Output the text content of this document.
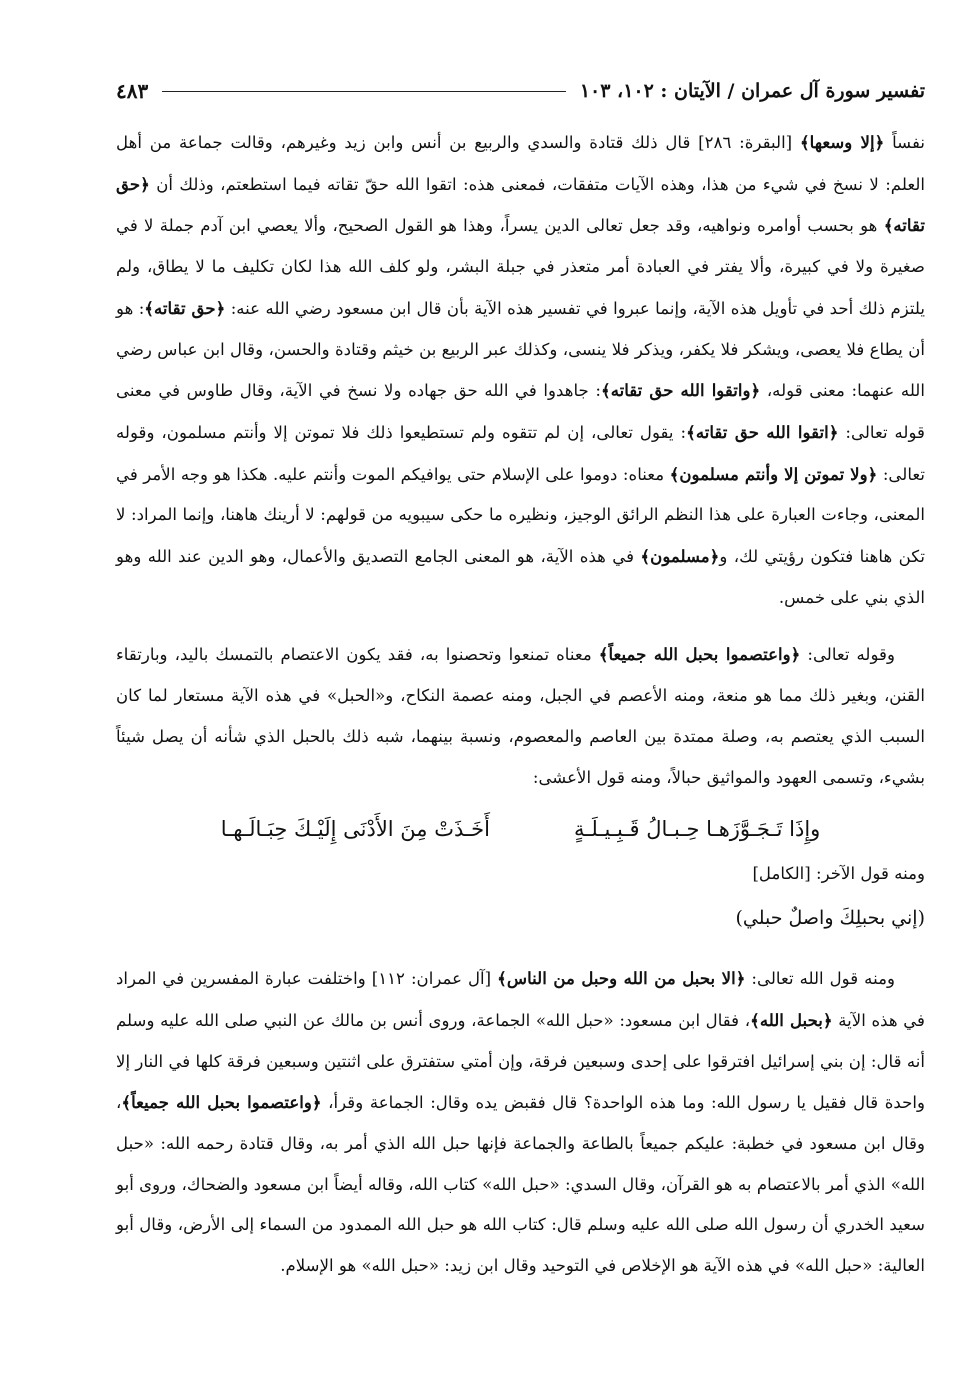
تفسير سورة آل عمران / الآيتان : ١٠٢، ١٠٣
٤٨٣

نفساً ﴿إلا وسعها﴾ [البقرة: ٢٨٦] قال ذلك قتادة والسدي والربيع بن أنس وابن زيد وغيرهم، وقالت جماعة من أهل العلم: لا نسخ في شيء من هذا، وهذه الآيات متفقات، فمعنى هذه: اتقوا الله حقّ تقاته فيما استطعتم، وذلك أن ﴿حق تقاته﴾ هو بحسب أوامره ونواهيه، وقد جعل تعالى الدين يسراً، وهذا هو القول الصحيح، وألا يعصي ابن آدم جملة لا في صغيرة ولا في كبيرة، وألا يفتر في العبادة أمر متعذر في جبلة البشر، ولو كلف الله هذا لكان تكليف ما لا يطاق، ولم يلتزم ذلك أحد في تأويل هذه الآية، وإنما عبروا في تفسير هذه الآية بأن قال ابن مسعود رضي الله عنه: ﴿حق تقاته﴾: هو أن يطاع فلا يعصى، ويشكر فلا يكفر، ويذكر فلا ينسى، وكذلك عبر الربيع بن خيثم وقتادة والحسن، وقال ابن عباس رضي الله عنهما: معنى قوله، ﴿واتقوا الله حق تقاته﴾: جاهدوا في الله حق جهاده ولا نسخ في الآية، وقال طاوس في معنى قوله تعالى: ﴿اتقوا الله حق تقاته﴾: يقول تعالى، إن لم تتقوه ولم تستطيعوا ذلك فلا تموتن إلا وأنتم مسلمون، وقوله تعالى: ﴿ولا تموتن إلا وأنتم مسلمون﴾ معناه: دوموا على الإسلام حتى يوافيكم الموت وأنتم عليه. هكذا هو وجه الأمر في المعنى، وجاءت العبارة على هذا النظم الرائق الوجيز، ونظيره ما حكى سيبويه من قولهم: لا أرينك هاهنا، وإنما المراد: لا تكن هاهنا فتكون رؤيتي لك، و﴿مسلمون﴾ في هذه الآية، هو المعنى الجامع التصديق والأعمال، وهو الدين عند الله وهو الذي بني على خمس.

وقوله تعالى: ﴿واعتصموا بحبل الله جميعاً﴾ معناه تمنعوا وتحصنوا به، فقد يكون الاعتصام بالتمسك باليد، وبارتقاء القنن، وبغير ذلك مما هو منعة، ومنه الأعصم في الجبل، ومنه عصمة النكاح، و«الحبل» في هذه الآية مستعار لما كان السبب الذي يعتصم به، وصلة ممتدة بين العاصم والمعصوم، ونسبة بينهما، شبه ذلك بالحبل الذي شأنه أن يصل شيئاً بشيء، وتسمى العهود والمواثيق حبالاً، ومنه قول الأعشى:

وإِذَا تَـجَـوَّزَهـا حِـبـالُ قَـبِـيـلَـةٍ
أَخَـذَتْ مِنَ الأَدْنَى إِلَيْـكَ حِبَـالَـهـا

ومنه قول الآخر: [الكامل]

(إني بحبلِكَ واصلٌ حبلي)

ومنه قول الله تعالى: ﴿الا بحبل من الله وحبل من الناس﴾ [آل عمران: ١١٢] واختلفت عبارة المفسرين في المراد في هذه الآية ﴿بحبل الله﴾، فقال ابن مسعود: «حبل الله» الجماعة، وروى أنس بن مالك عن النبي صلى الله عليه وسلم أنه قال: إن بني إسرائيل افترقوا على إحدى وسبعين فرقة، وإن أمتي ستفترق على اثنتين وسبعين فرقة كلها في النار إلا واحدة قال فقيل يا رسول الله: وما هذه الواحدة؟ قال فقبض يده وقال: الجماعة وقرأ، ﴿واعتصموا بحبل الله جميعاً﴾، وقال ابن مسعود في خطبة: عليكم جميعاً بالطاعة والجماعة فإنها حبل الله الذي أمر به، وقال قتادة رحمه الله: «حبل الله» الذي أمر بالاعتصام به هو القرآن، وقال السدي: «حبل الله» كتاب الله، وقاله أيضاً ابن مسعود والضحاك، وروى أبو سعيد الخدري أن رسول الله صلى الله عليه وسلم قال: كتاب الله هو حبل الله الممدود من السماء إلى الأرض، وقال أبو العالية: «حبل الله» في هذه الآية هو الإخلاص في التوحيد وقال ابن زيد: «حبل الله» هو الإسلام.
